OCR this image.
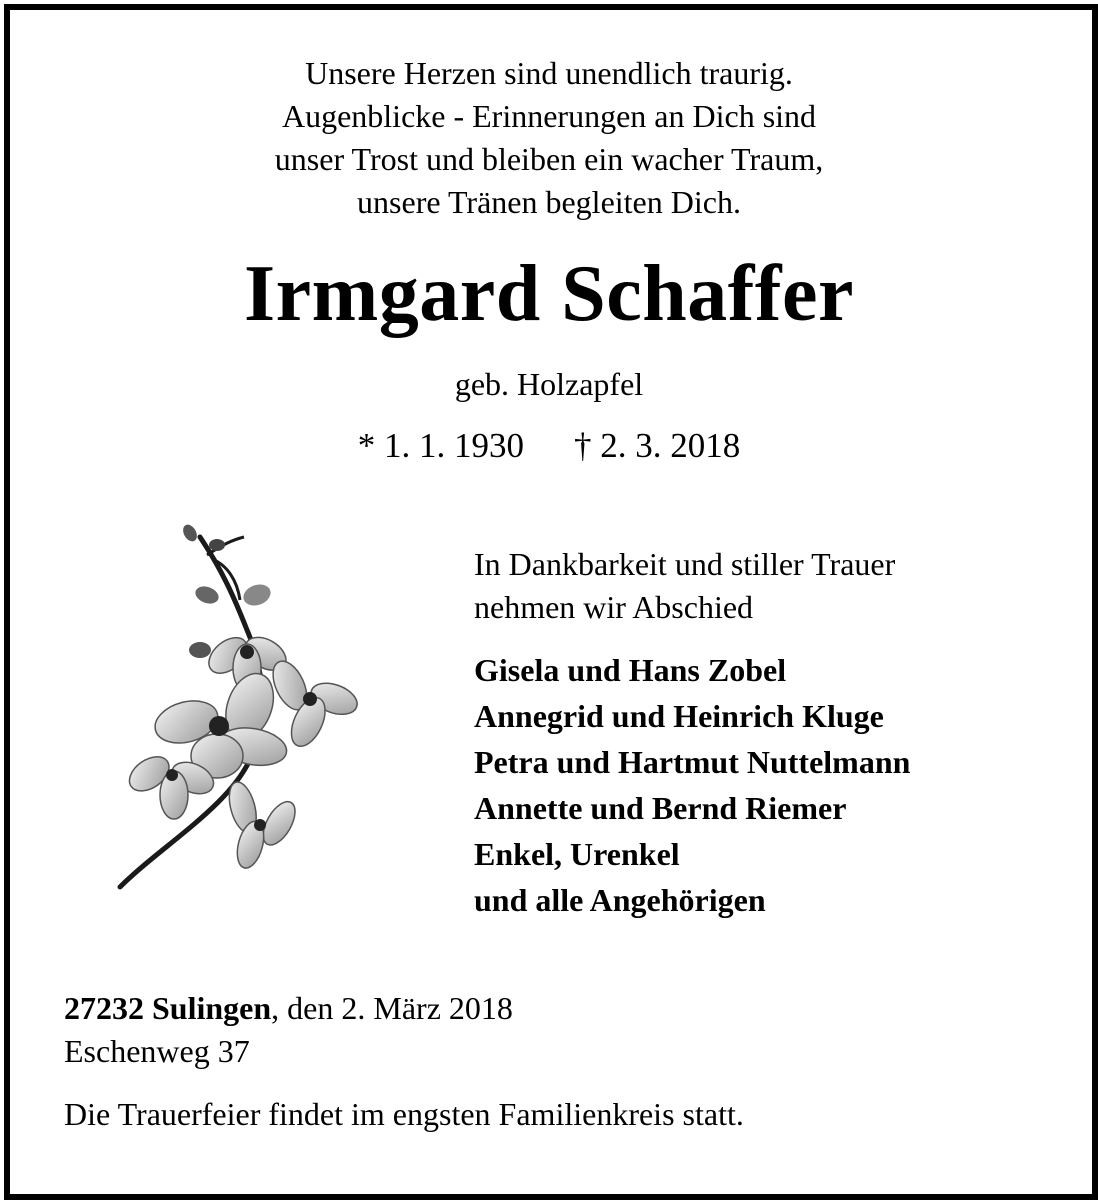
Unsere Herzen sind unendlich traurig.
Augenblicke - Erinnerungen an Dich sind
unser Trost und bleiben ein wacher Traum,
unsere Tränen begleiten Dich.
Irmgard Schaffer
geb. Holzapfel
* 1. 1. 1930 † 2. 3. 2018
In Dankbarkeit und stiller Trauer
nehmen wir Abschied
Gisela und Hans Zobel
Annegrid und Heinrich Kluge
Petra und Hartmut Nuttelmann
Annette und Bernd Riemer
Enkel, Urenkel
und alle Angehörigen
27232 Sulingen, den 2. März 2018
Eschenweg 37
Die Trauerfeier findet im engsten Familienkreis statt.
